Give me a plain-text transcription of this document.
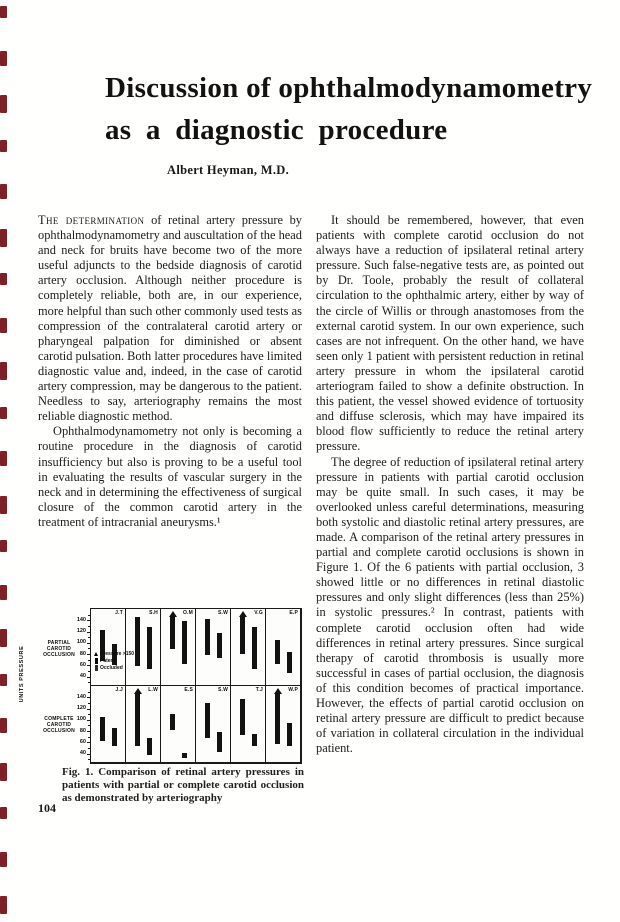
Discussion of ophthalmodynamometry
as a diagnostic procedure
Albert Heyman, M.D.

The determination of retinal artery pressure by ophthalmodynamometry and auscultation of the head and neck for bruits have become two of the more useful adjuncts to the bedside diagnosis of carotid artery occlusion. Although neither procedure is completely reliable, both are, in our experience, more helpful than such other commonly used tests as compression of the contralateral carotid artery or pharyngeal palpation for diminished or absent carotid pulsation. Both latter procedures have limited diagnostic value and, indeed, in the case of carotid artery compression, may be dangerous to the patient. Needless to say, arteriography remains the most reliable diagnostic method.

Ophthalmodynamometry not only is becoming a routine procedure in the diagnosis of carotid insufficiency but also is proving to be a useful tool in evaluating the results of vascular surgery in the neck and in determining the effectiveness of surgical closure of the common carotid artery in the treatment of intracranial aneurysms.¹

It should be remembered, however, that even patients with complete carotid occlusion do not always have a reduction of ipsilateral retinal artery pressure. Such false-negative tests are, as pointed out by Dr. Toole, probably the result of collateral circulation to the ophthalmic artery, either by way of the circle of Willis or through anastomoses from the external carotid system. In our own experience, such cases are not infrequent. On the other hand, we have seen only 1 patient with persistent reduction in retinal artery pressure in whom the ipsilateral carotid arteriogram failed to show a definite obstruction. In this patient, the vessel showed evidence of tortuosity and diffuse sclerosis, which may have impaired its blood flow sufficiently to reduce the retinal artery pressure.

The degree of reduction of ipsilateral retinal artery pressure in patients with partial carotid occlusion may be quite small. In such cases, it may be overlooked unless careful determinations, measuring both systolic and diastolic retinal artery pressures, are made. A comparison of the retinal artery pressures in partial and complete carotid occlusions is shown in Figure 1. Of the 6 patients with partial occlusion, 3 showed little or no differences in retinal diastolic pressures and only slight differences (less than 25%) in systolic pressures.² In contrast, patients with complete carotid occlusion often had wide differences in retinal artery pressures. Since surgical therapy of carotid thrombosis is usually more successful in cases of partial occlusion, the diagnosis of this condition becomes of practical importance. However, the effects of partial carotid occlusion on retinal artery pressure are difficult to predict because of variation in collateral circulation in the individual patient.

PARTIAL CAROTID OCCLUSION
COMPLETE CAROTID OCCLUSION
UNITS PRESSURE
J.T	S.H	O.M	S.W	V.G	E.P
J.J	L.W	E.S	S.W	T.J	W.P
Pressure >150
Patent
Occluded
140
120
100
80
60
40
140
120
100
80
60
40
Fig. 1. Comparison of retinal artery pressures in patients with partial or complete carotid occlusion as demonstrated by arteriography
104
